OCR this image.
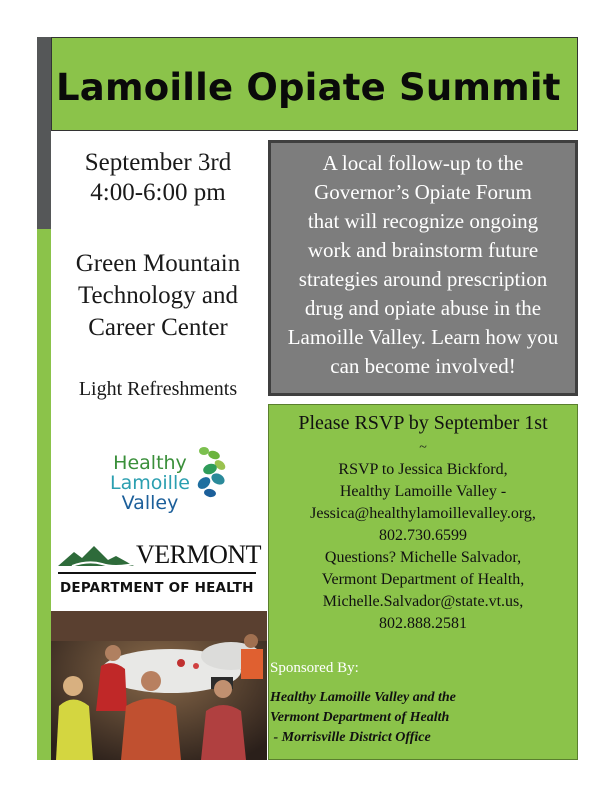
Lamoille Opiate Summit
September 3rd
4:00-6:00 pm
Green Mountain
Technology and
Career Center
Light Refreshments
A local follow-up to the
Governor’s Opiate Forum
that will recognize ongoing
work and brainstorm future
strategies around prescription
drug and opiate abuse in the
Lamoille Valley. Learn how you
can become involved!
Please RSVP by September 1st
~
RSVP to Jessica Bickford,
Healthy Lamoille Valley -
Jessica@healthylamoillevalley.org,
802.730.6599
Questions? Michelle Salvador,
Vermont Department of Health,
Michelle.Salvador@state.vt.us,
802.888.2581
Sponsored By:
Healthy Lamoille Valley and the
Vermont Department of Health
- Morrisville District Office
Healthy
Lamoille
Valley
VERMONT
DEPARTMENT OF HEALTH
